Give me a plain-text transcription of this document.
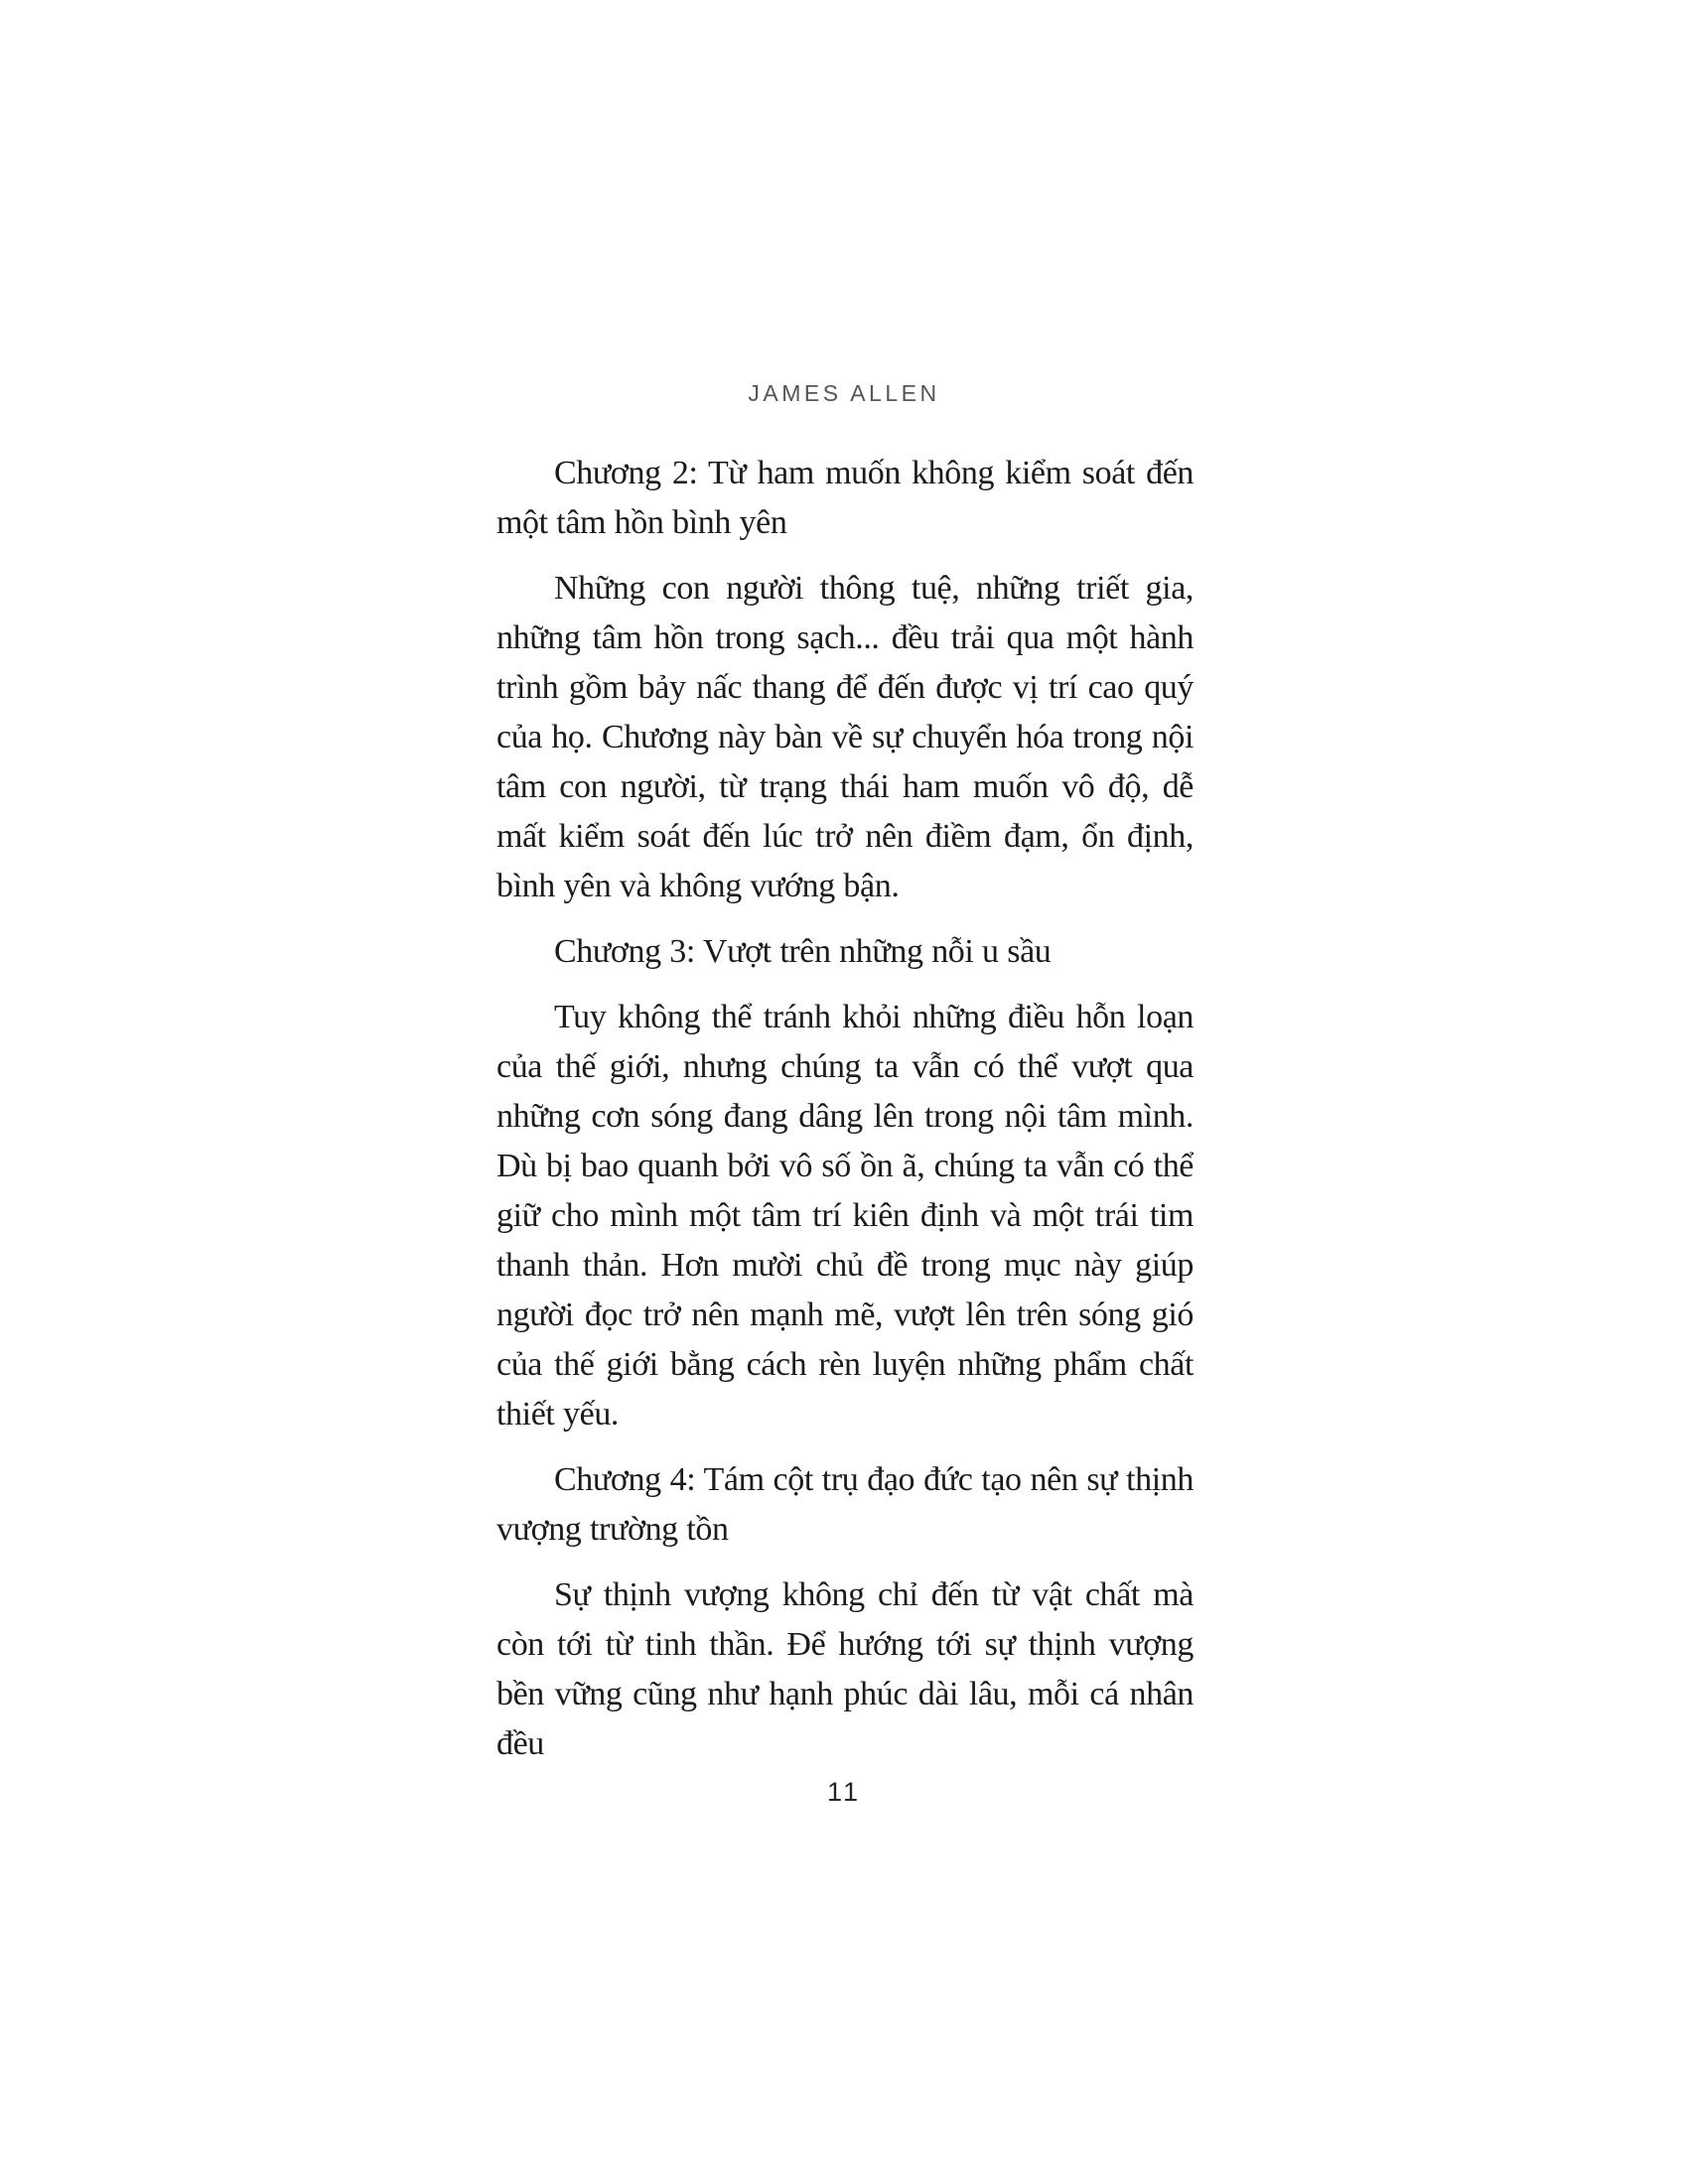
JAMES ALLEN

Chương 2: Từ ham muốn không kiểm soát đến một tâm hồn bình yên

Những con người thông tuệ, những triết gia, những tâm hồn trong sạch... đều trải qua một hành trình gồm bảy nấc thang để đến được vị trí cao quý của họ. Chương này bàn về sự chuyển hóa trong nội tâm con người, từ trạng thái ham muốn vô độ, dễ mất kiểm soát đến lúc trở nên điềm đạm, ổn định, bình yên và không vướng bận.

Chương 3: Vượt trên những nỗi u sầu

Tuy không thể tránh khỏi những điều hỗn loạn của thế giới, nhưng chúng ta vẫn có thể vượt qua những cơn sóng đang dâng lên trong nội tâm mình. Dù bị bao quanh bởi vô số ồn ã, chúng ta vẫn có thể giữ cho mình một tâm trí kiên định và một trái tim thanh thản. Hơn mười chủ đề trong mục này giúp người đọc trở nên mạnh mẽ, vượt lên trên sóng gió của thế giới bằng cách rèn luyện những phẩm chất thiết yếu.

Chương 4: Tám cột trụ đạo đức tạo nên sự thịnh vượng trường tồn

Sự thịnh vượng không chỉ đến từ vật chất mà còn tới từ tinh thần. Để hướng tới sự thịnh vượng bền vững cũng như hạnh phúc dài lâu, mỗi cá nhân đều

11
